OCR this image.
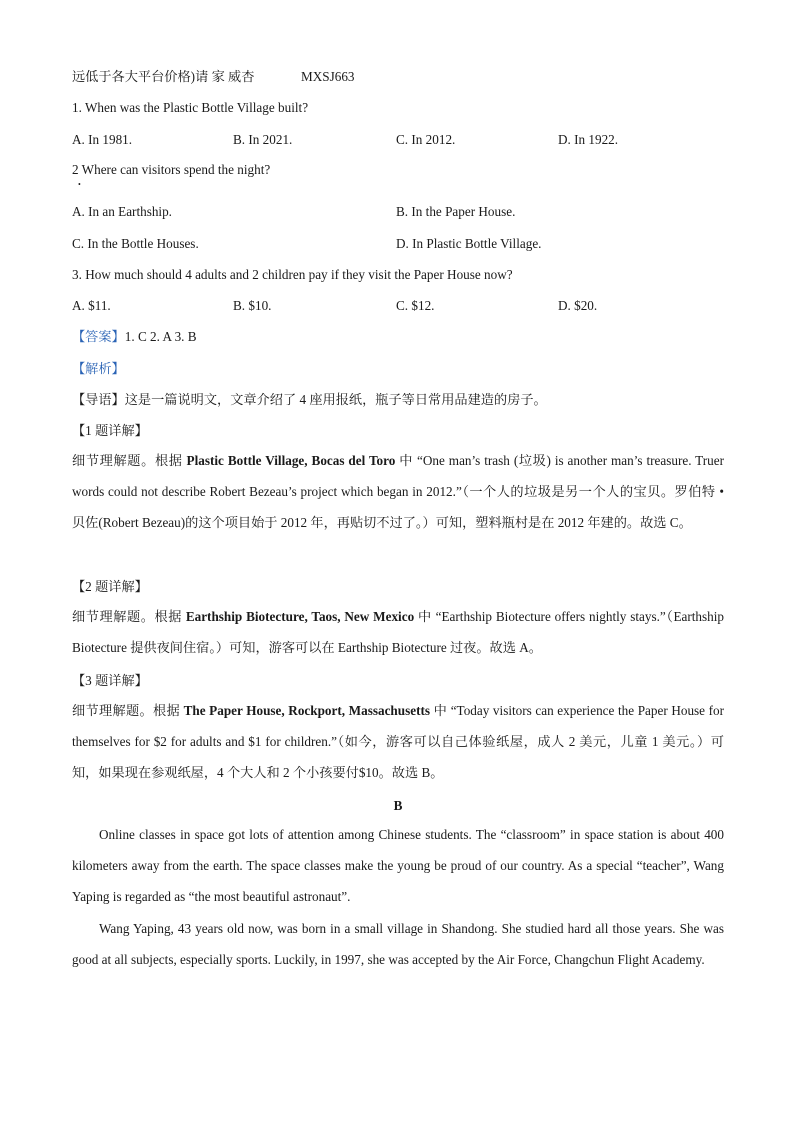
远低于各大平台价格)请 家 威杏	MXSJ663
1. When was the Plastic Bottle Village built?
A. In 1981.	B. In 2021.	C. In 2012.	D. In 1922.
2 Where can visitors spend the night?
•
A. In an Earthship.	B. In the Paper House.
C. In the Bottle Houses.	D. In Plastic Bottle Village.
3. How much should 4 adults and 2 children pay if they visit the Paper House now?
A. $11.	B. $10.	C. $12.	D. $20.
【答案】1. C 2. A 3. B
【解析】
【导语】这是一篇说明文，文章介绍了 4 座用报纸，瓶子等日常用品建造的房子。
【1 题详解】

细节理解题。根据 Plastic Bottle Village, Bocas del Toro 中 “One man’s trash (垃圾) is another man’s treasure. Truer words could not describe Robert Bezeau’s project which began in 2012.”（一个人的垃圾是另一个人的宝贝。罗伯特 • 贝佐(Robert Bezeau)的这个项目始于 2012 年，再贴切不过了。）可知，塑料瓶村是在 2012 年建的。故选 C。

【2 题详解】

细节理解题。根据 Earthship Biotecture, Taos, New Mexico 中 “Earthship Biotecture offers nightly stays.”（Earthship Biotecture 提供夜间住宿。）可知，游客可以在 Earthship Biotecture 过夜。故选 A。

【3 题详解】

细节理解题。根据 The Paper House, Rockport, Massachusetts 中 “Today visitors can experience the Paper House for themselves for $2 for adults and $1 for children.”（如今，游客可以自己体验纸屋，成人 2 美元，儿童 1 美元。）可知，如果现在参观纸屋，4 个大人和 2 个小孩要付$10。故选 B。

B

Online classes in space got lots of attention among Chinese students. The “classroom” in space station is about 400 kilometers away from the earth. The space classes make the young be proud of our country. As a special “teacher”, Wang Yaping is regarded as “the most beautiful astronaut”.

Wang Yaping, 43 years old now, was born in a small village in Shandong. She studied hard all those years. She was good at all subjects, especially sports. Luckily, in 1997, she was accepted by the Air Force, Changchun Flight Academy.
